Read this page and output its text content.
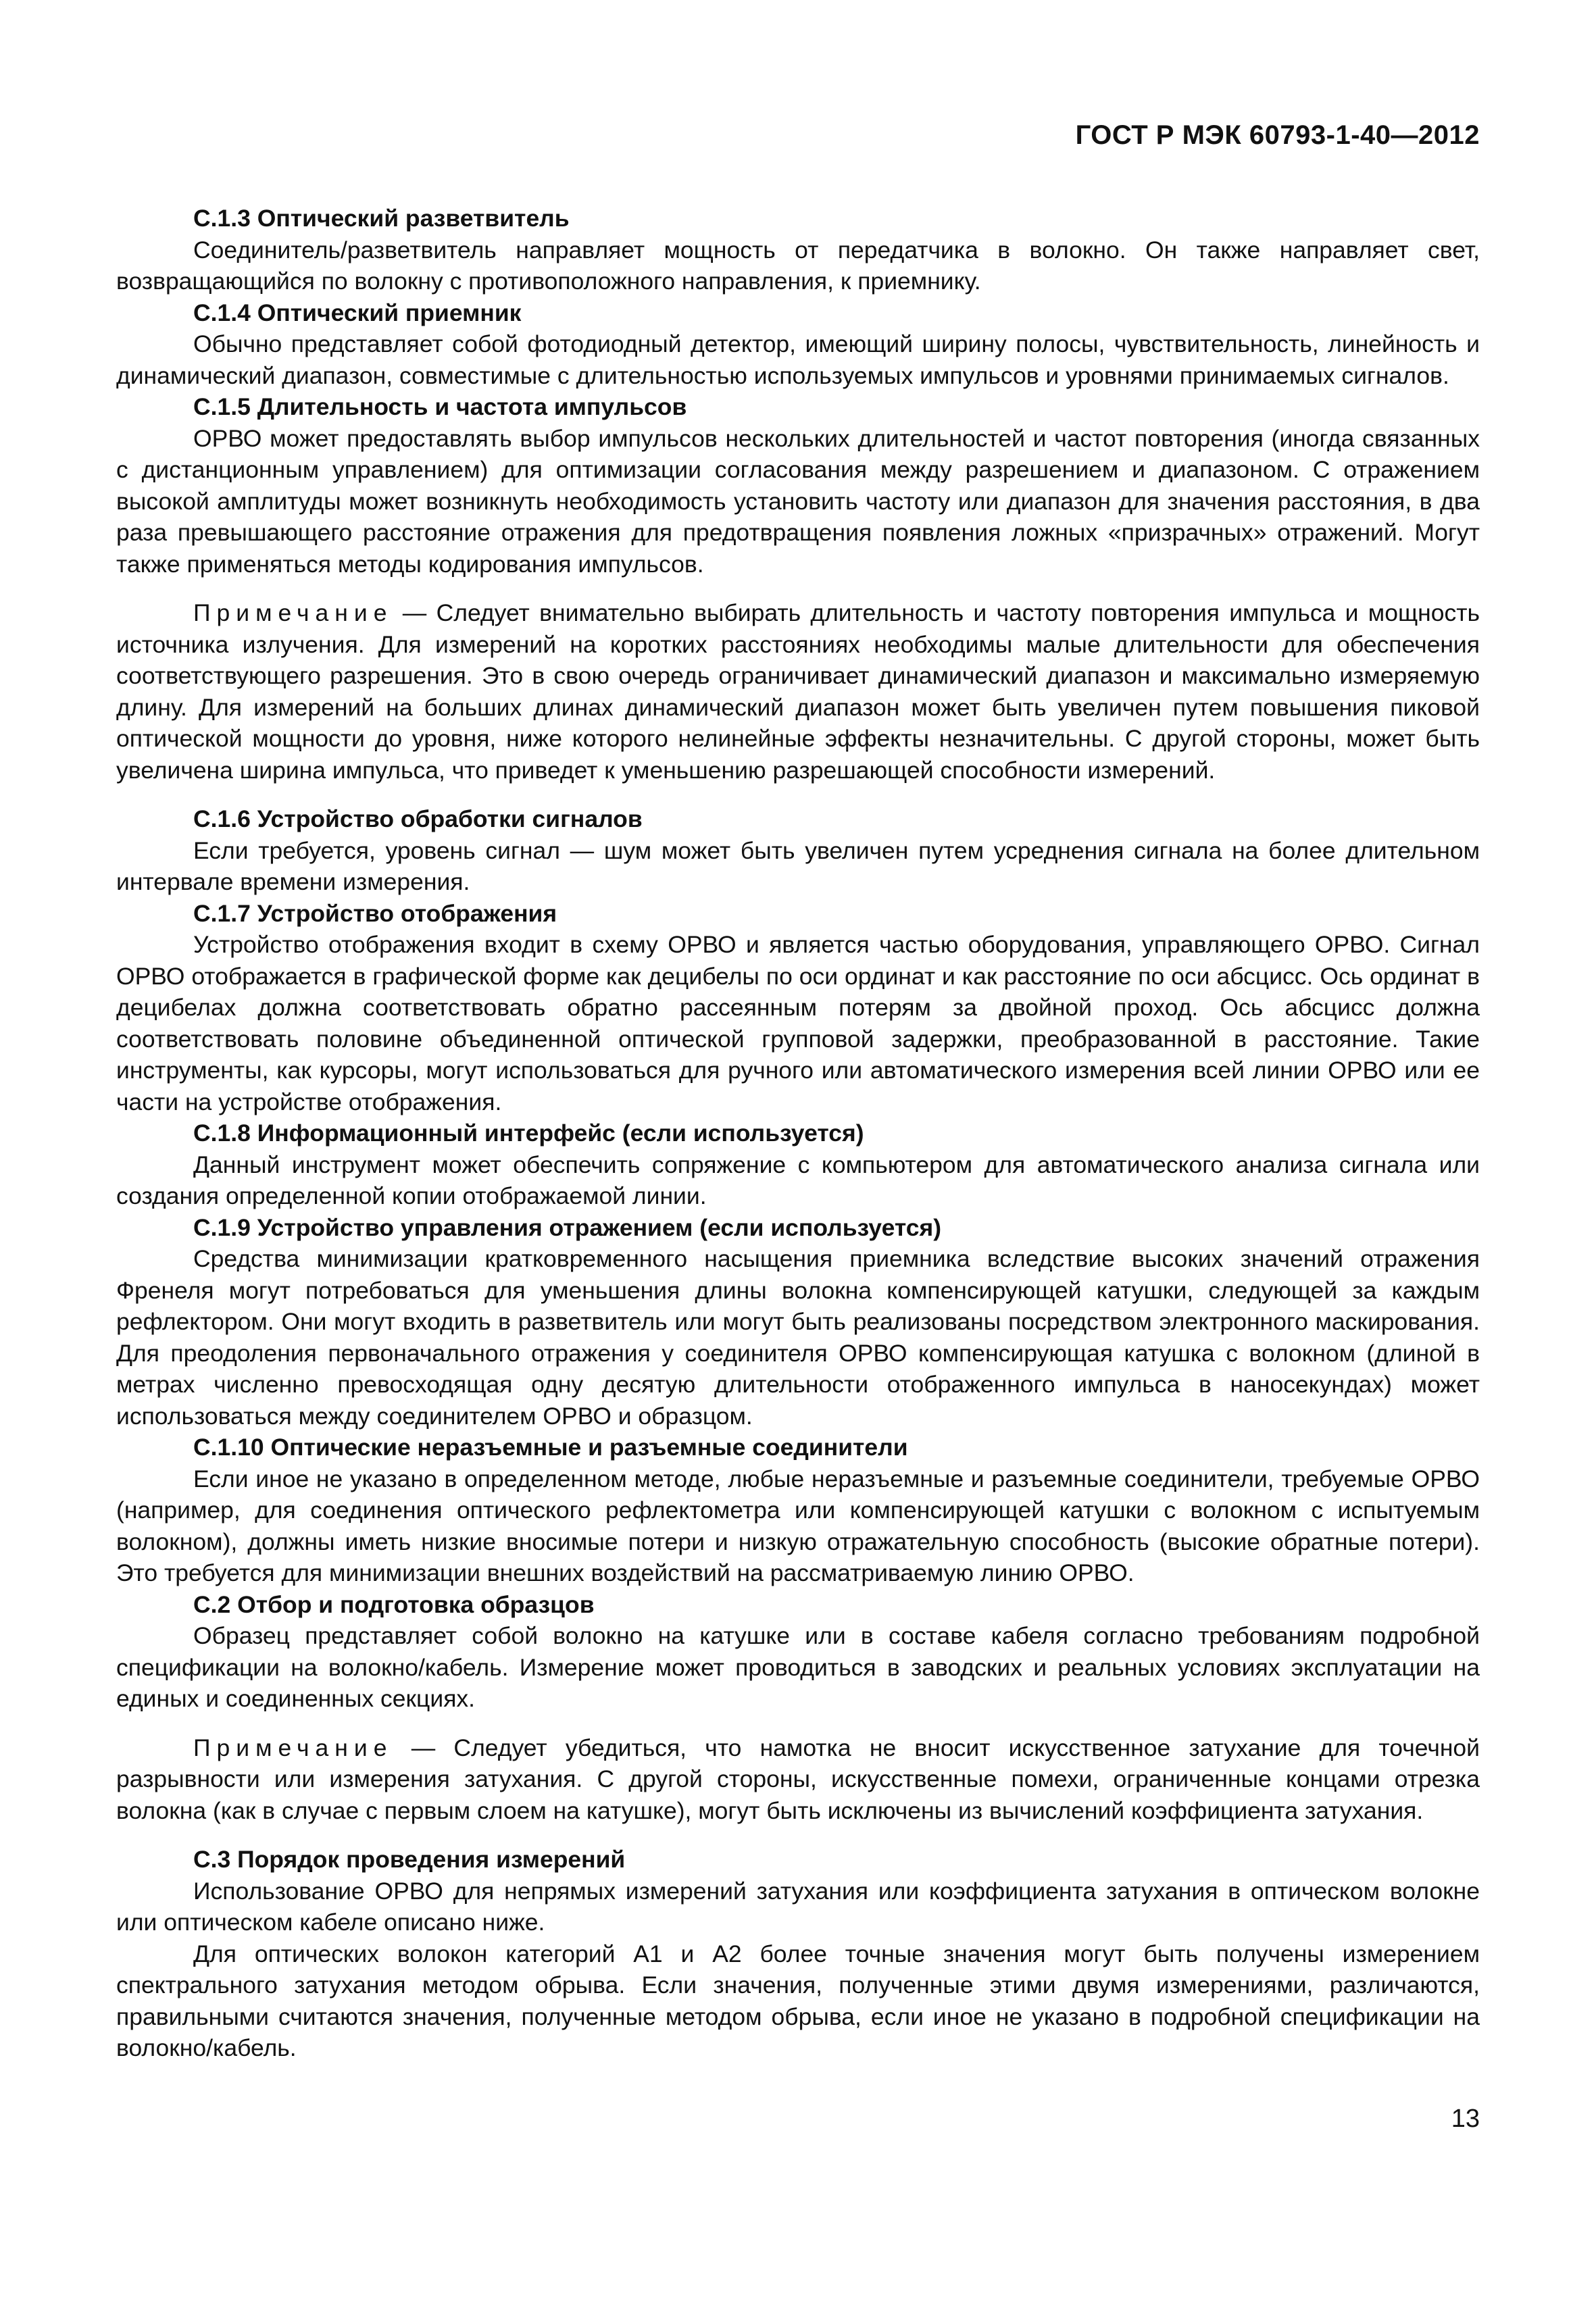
ГОСТ Р МЭК 60793-1-40—2012
С.1.3 Оптический разветвитель

Соединитель/разветвитель направляет мощность от передатчика в волокно. Он также направляет свет, возвращающийся по волокну с противоположного направления, к приемнику.

С.1.4 Оптический приемник

Обычно представляет собой фотодиодный детектор, имеющий ширину полосы, чувствительность, линейность и динамический диапазон, совместимые с длительностью используемых импульсов и уровнями принимаемых сигналов.

С.1.5 Длительность и частота импульсов

ОРВО может предоставлять выбор импульсов нескольких длительностей и частот повторения (иногда связанных с дистанционным управлением) для оптимизации согласования между разрешением и диапазоном. С отражением высокой амплитуды может возникнуть необходимость установить частоту или диапазон для значения расстояния, в два раза превышающего расстояние отражения для предотвращения появления ложных «призрачных» отражений. Могут также применяться методы кодирования импульсов.

Примечание — Следует внимательно выбирать длительность и частоту повторения импульса и мощность источника излучения. Для измерений на коротких расстояниях необходимы малые длительности для обеспечения соответствующего разрешения. Это в свою очередь ограничивает динамический диапазон и максимально измеряемую длину. Для измерений на больших длинах динамический диапазон может быть увеличен путем повышения пиковой оптической мощности до уровня, ниже которого нелинейные эффекты незначительны. С другой стороны, может быть увеличена ширина импульса, что приведет к уменьшению разрешающей способности измерений.

С.1.6 Устройство обработки сигналов

Если требуется, уровень сигнал — шум может быть увеличен путем усреднения сигнала на более длительном интервале времени измерения.

С.1.7 Устройство отображения

Устройство отображения входит в схему ОРВО и является частью оборудования, управляющего ОРВО. Сигнал ОРВО отображается в графической форме как децибелы по оси ординат и как расстояние по оси абсцисс. Ось ординат в децибелах должна соответствовать обратно рассеянным потерям за двойной проход. Ось абсцисс должна соответствовать половине объединенной оптической групповой задержки, преобразованной в расстояние. Такие инструменты, как курсоры, могут использоваться для ручного или автоматического измерения всей линии ОРВО или ее части на устройстве отображения.

С.1.8 Информационный интерфейс (если используется)

Данный инструмент может обеспечить сопряжение с компьютером для автоматического анализа сигнала или создания определенной копии отображаемой линии.

С.1.9 Устройство управления отражением (если используется)

Средства минимизации кратковременного насыщения приемника вследствие высоких значений отражения Френеля могут потребоваться для уменьшения длины волокна компенсирующей катушки, следующей за каждым рефлектором. Они могут входить в разветвитель или могут быть реализованы посредством электронного маскирования. Для преодоления первоначального отражения у соединителя ОРВО компенсирующая катушка с волокном (длиной в метрах численно превосходящая одну десятую длительности отображенного импульса в наносекундах) может использоваться между соединителем ОРВО и образцом.

С.1.10 Оптические неразъемные и разъемные соединители

Если иное не указано в определенном методе, любые неразъемные и разъемные соединители, требуемые ОРВО (например, для соединения оптического рефлектометра или компенсирующей катушки с волокном с испытуемым волокном), должны иметь низкие вносимые потери и низкую отражательную способность (высокие обратные потери). Это требуется для минимизации внешних воздействий на рассматриваемую линию ОРВО.

С.2 Отбор и подготовка образцов

Образец представляет собой волокно на катушке или в составе кабеля согласно требованиям подробной спецификации на волокно/кабель. Измерение может проводиться в заводских и реальных условиях эксплуатации на единых и соединенных секциях.

Примечание — Следует убедиться, что намотка не вносит искусственное затухание для точечной разрывности или измерения затухания. С другой стороны, искусственные помехи, ограниченные концами отрезка волокна (как в случае с первым слоем на катушке), могут быть исключены из вычислений коэффициента затухания.

С.3 Порядок проведения измерений

Использование ОРВО для непрямых измерений затухания или коэффициента затухания в оптическом волокне или оптическом кабеле описано ниже.

Для оптических волокон категорий А1 и А2 более точные значения могут быть получены измерением спектрального затухания методом обрыва. Если значения, полученные этими двумя измерениями, различаются, правильными считаются значения, полученные методом обрыва, если иное не указано в подробной спецификации на волокно/кабель.

13
